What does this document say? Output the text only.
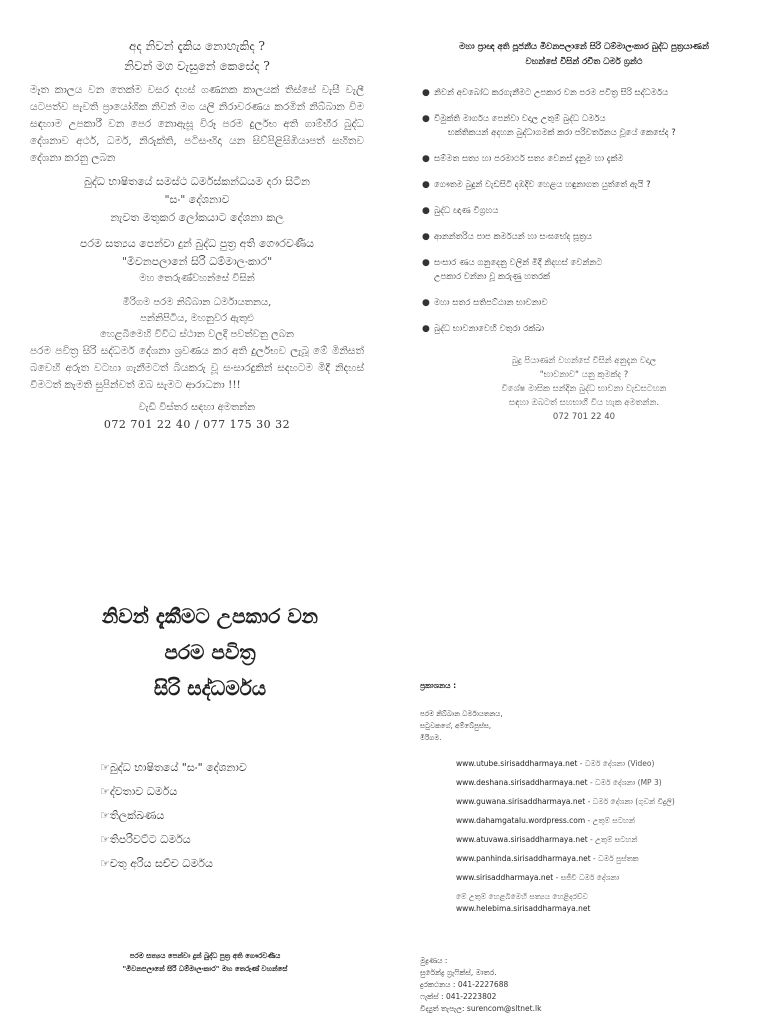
අද නිවන් දැකිය නොහැකිද ?
නිවන් මග වැසුනේ කෙසේද ?

මෑත කාලය වන තෙක්ම වසර දහස් ගණනක කාලයක් තිස්සේ වැසී වැලී යටපත්ව පැවති ප්‍රායෝගික නිවන් මග යලි නිරාවරණය කරමින් නිබ්බාන විම සඳහාම උපකාරී වන පෙර නොඇසූ විරූ පරම දුර්ලභ අති ගාම්භීර බුද්ධ දේශනාව අර්ථ, ධර්ම, නිරුක්ති, පටිසංභිදා යන සිව්පිළිසිඹියාපත් සහිතව දේශනා කරනු ලබන

බුද්ධ භාෂිතයේ සමස්ථ ධර්මස්කන්ධයම දරා සිටින
"සං" දේශනාව
නැවත මතුකර ලෝකයාට දේශනා කල
පරම සත්‍යය පෙන්වා දුන් බුද්ධ පුත්‍ර අති ගෞරවණීය
"මීවනපලානේ සිරි ධම්මාලංකාර"
මහ තෙරුණ්වහන්සේ විසින්
මීරිගම පරම නිබ්බාන ධර්මායතනය,
පන්නිපිටිය, මහනුවර ඇතුළු
හෙළබිමෙහි විවිධ ස්ථාන වලදී පවත්වනු ලබන

පරම පවිත්‍ර සිරි සද්ධර්ම දේශනා ශ්‍රවණය කර අති දුර්ලභව ලැබූ මේ මිනිසත් බවෙහි අරුත වටහා ගැනීමටත් බියකරු වූ සංසාරදුකින් සදහටම මිදී නිදහස් වීමටත් කැමති සුපින්වත් ඔබ සැමට ආරාධනා !!!

වැඩි විස්තර සඳහා අමතන්න
072 701 22 40 / 077 175 30 32
මහා ප්‍රාඥ අති පූජනීය මීවනපලානේ සිරි ධම්මාලංකාර බුද්ධ පුත්‍රයාණන්
වහන්සේ විසින් රචිත ධර්ම ග්‍රන්ථ
● නිවන් අවබෝධ කරගැනීමට උපකාර වන පරම පවිත්‍ර සිරි සද්ධර්මය
● විමුක්ති මාර්ගය පෙන්වා වදාල උතුම් බුද්ධ ධර්මය
භක්තිකයන් අදහන බුද්ධාගමක් කරා පරිවර්තනය වූයේ කෙසේද ?
● සම්මත සත්‍ය හා පරමාර්ථ සත්‍ය වෙනස් දැනුම හා දැක්ම
● ගෞතම බුදුන් වැඩසිටි දඹදිව හෙළය හඳුනාගත යුත්තේ ඇයි ?
● බුද්ධ ඥාණ විග්‍රහය
● ආනන්තරිය පාප කර්මයන් හා සංඝභේද සූත්‍රය
● සංසාර ණය ගනුදෙනු වලින් මිදී නිදහස් වෙන්නට
උපකාර වන්නා වූ කරුණු හතරක්
● මහා සතර සතිපට්ඨාන භාවනාව
● බුද්ධ භාවනාවෙහි වතුරා රක්ඛා
බුදු පියාණන් වහන්සේ විසින් අනුදැන වදාල
"භාවනාව" යනු කුමක්ද ?
විශේෂ මාසික සන්දින බුද්ධ භාවනා වැඩසටහන
සඳහා ඔබටත් සහභාගී විය හැක අමතන්න.
072 701 22 40
නිවන් දැකීමට උපකාර වන
පරම පවිත්‍ර
සිරි සද්ධර්මය
☞බුද්ධ භාෂිතයේ "සං" දේශනාව
☞ද්වතාව ධර්මය
☞තිලක්ඛණය
☞තිපරිවට්ට ධර්මය
☞චතු අරිය සච්ච ධර්මය
පරම සත්‍යය පෙන්වා දුන් බුද්ධ පුත්‍ර අති ගෞරවණීය
"මීවනපලානේ සිරි ධම්මාලංකාර" මහ තෙරුණ් වහන්සේ
ප්‍රකාශනය :
පරම නිබ්බාන ධර්මායතනය,
සටුවකගේ, අම්බේපුස්ස,
මීරිගම.
www.utube.sirisaddharmaya.net - ධර්ම දේශනා (Video)
www.deshana.sirisaddharmaya.net - ධර්ම දේශනා (MP 3)
www.guwana.sirisaddharmaya.net - ධර්ම දේශනා (ගුවන් විදුලි)
www.dahamgatalu.wordpress.com - උතුම් සටහන්
www.atuvawa.sirisaddharmaya.net - උතුම් සටහන්
www.panhinda.sirisaddharmaya.net - ධර්ම පුස්තක
www.sirisaddharmaya.net - සජීවී ධර්ම දේශනා
මේ උතුම් හෙළබිමෙහි සත්‍යය හෙළිදරව්ව
www.helebima.sirisaddharmaya.net
මුද්‍රණය :
සුරේන්ද්‍ර ග්‍රැෆික්ස්, මාතර.
දුරකථනය : 041-2227688
ෆැක්ස් : 041-2223802
විද්‍යුත් තැපැල: surencom@sltnet.lk
